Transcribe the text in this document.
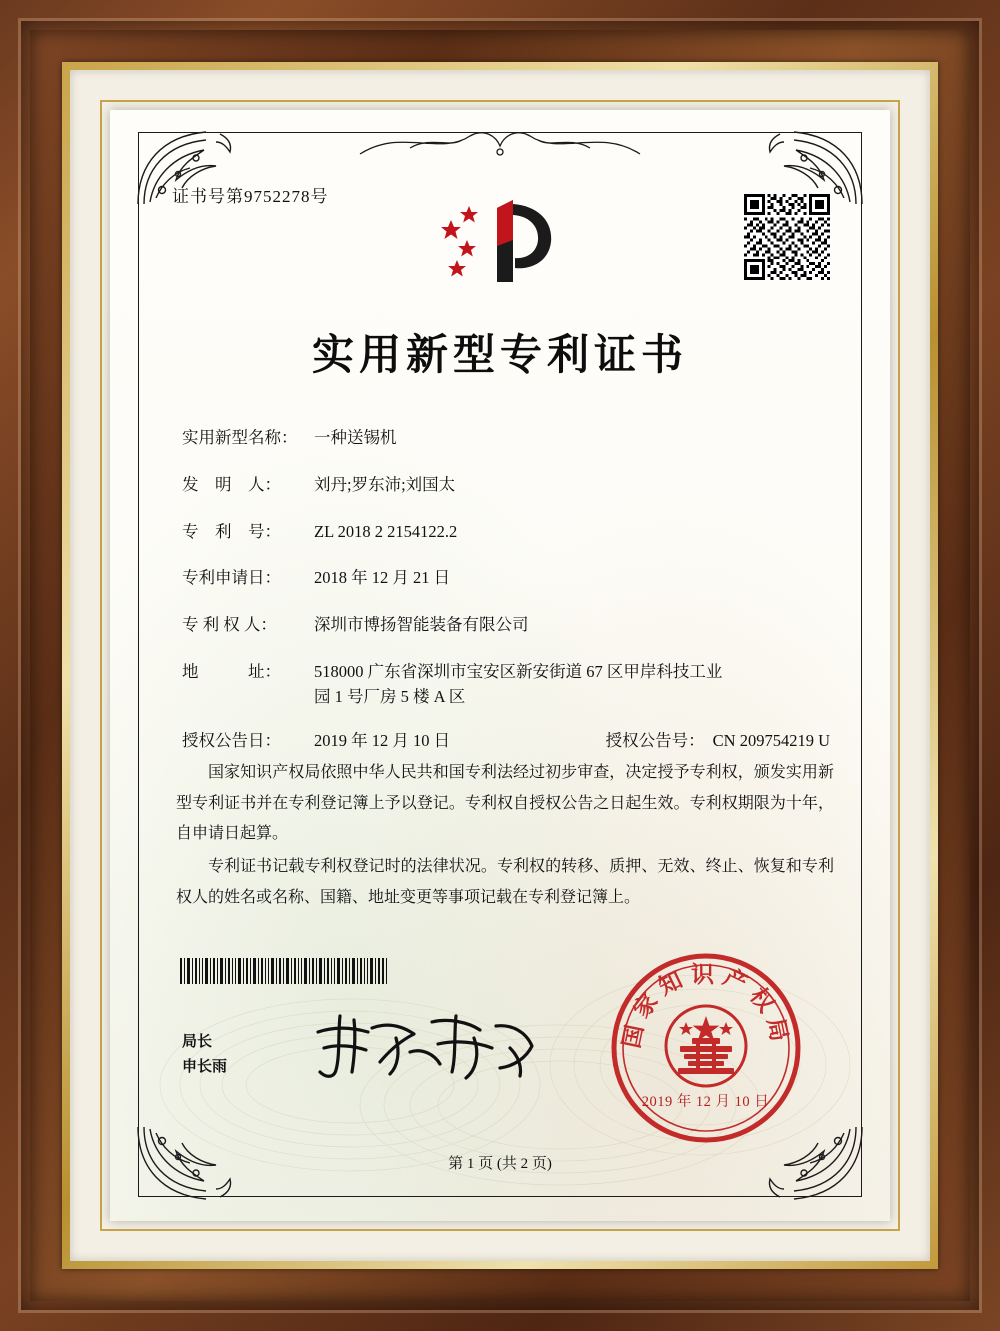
证书号第9752278号
实用新型专利证书
实用新型名称：	一种送锡机
发　明　人：	刘丹;罗东沛;刘国太
专　利　号：	ZL 2018 2 2154122.2
专利申请日：	2018 年 12 月 21 日
专 利 权 人：	深圳市博扬智能装备有限公司
地　　　址：	518000 广东省深圳市宝安区新安街道 67 区甲岸科技工业
园 1 号厂房 5 楼 A 区
授权公告日：	2019 年 12 月 10 日	授权公告号： CN 209754219 U

国家知识产权局依照中华人民共和国专利法经过初步审查，决定授予专利权，颁发实用新型专利证书并在专利登记簿上予以登记。专利权自授权公告之日起生效。专利权期限为十年，自申请日起算。

专利证书记载专利权登记时的法律状况。专利权的转移、质押、无效、终止、恢复和专利权人的姓名或名称、国籍、地址变更等事项记载在专利登记簿上。

局长
申长雨
国家知识产权局
2019 年 12 月 10 日
第 1 页 (共 2 页)
